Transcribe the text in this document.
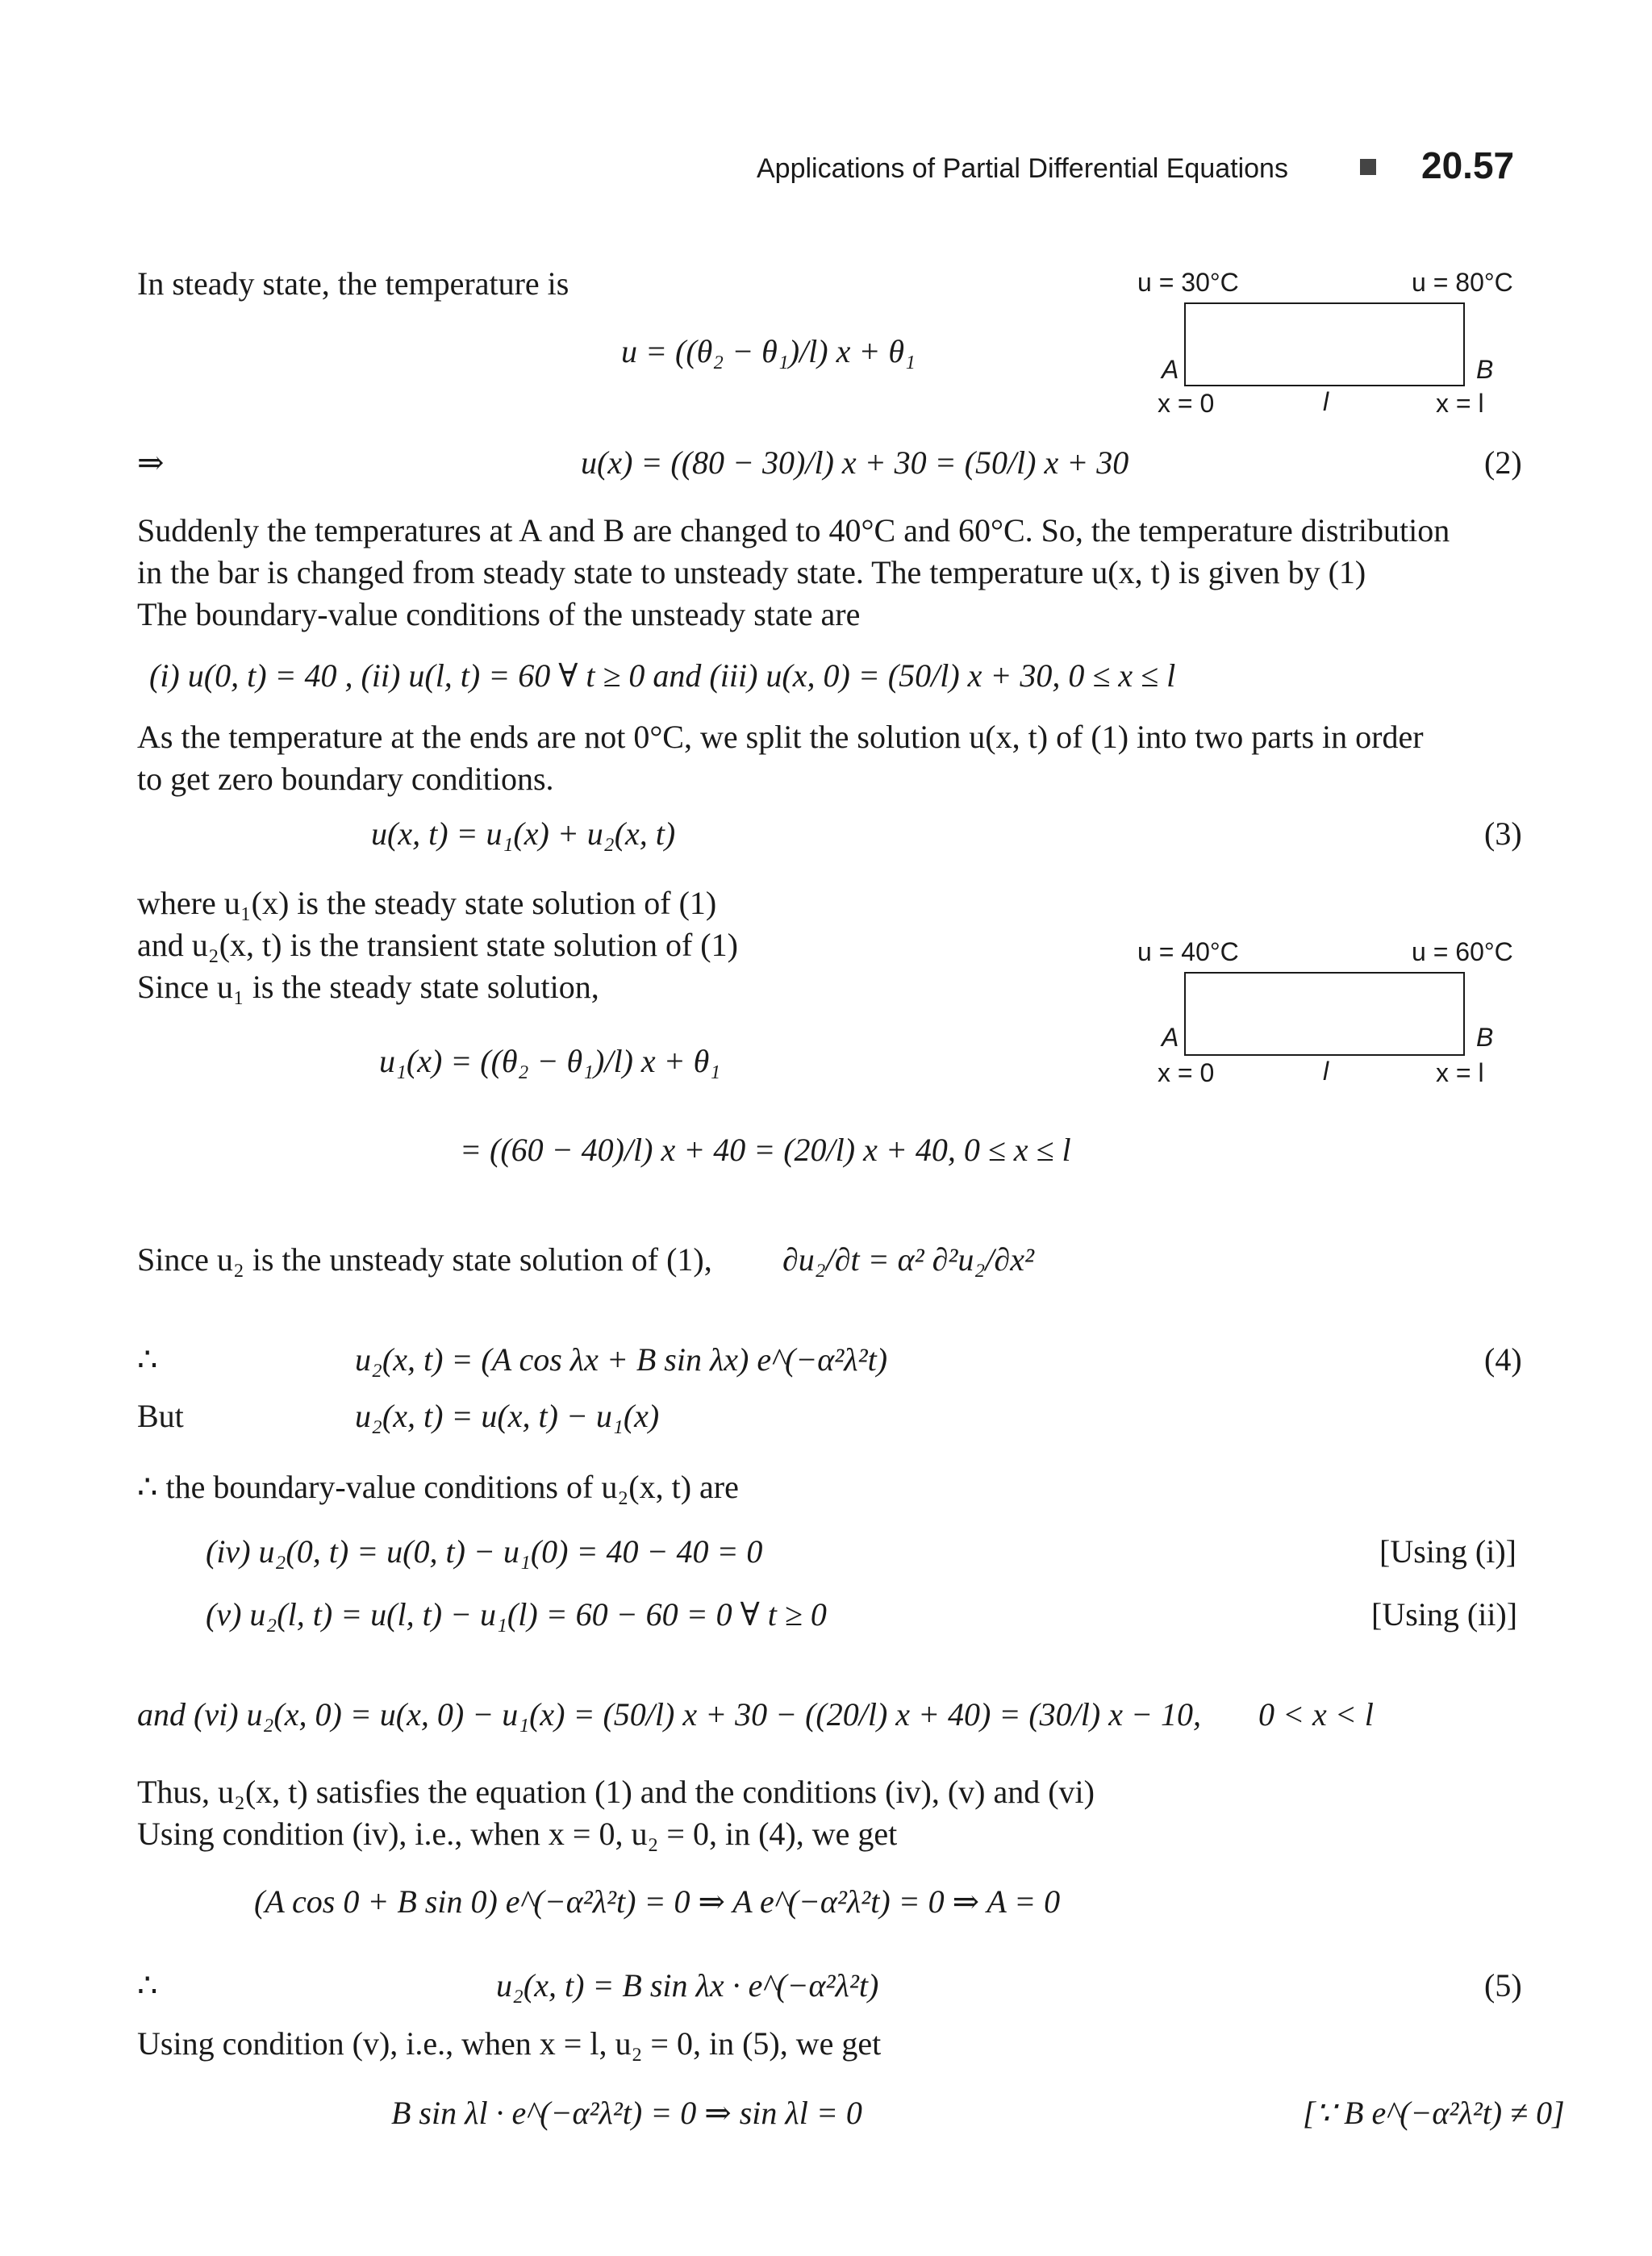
Applications of Partial Differential Equations	20.57
u = 30°C	u = 80°C
A	B
x = 0	l	x = l
u = 40°C	u = 60°C
A	B
x = 0	l	x = l
In steady state, the temperature is
u = ((θ₂ − θ₁)/l) x + θ₁
⇒	u(x) = ((80 − 30)/l) x + 30 = (50/l) x + 30	(2)
Suddenly the temperatures at A and B are changed to 40°C and 60°C. So, the temperature distribution
in the bar is changed from steady state to unsteady state. The temperature u(x, t) is given by (1)
The boundary-value conditions of the unsteady state are
(i) u(0, t) = 40 , (ii) u(l, t) = 60 ∀ t ≥ 0 and (iii) u(x, 0) = (50/l) x + 30, 0 ≤ x ≤ l
As the temperature at the ends are not 0°C, we split the solution u(x, t) of (1) into two parts in order
to get zero boundary conditions.
u(x, t) = u₁(x) + u₂(x, t)	(3)
where u₁(x) is the steady state solution of (1)
and u₂(x, t) is the transient state solution of (1)
Since u₁ is the steady state solution,
u₁(x) = ((θ₂ − θ₁)/l) x + θ₁
= ((60 − 40)/l) x + 40 = (20/l) x + 40, 0 ≤ x ≤ l
Since u₂ is the unsteady state solution of (1), ∂u₂/∂t = α² ∂²u₂/∂x²
∴	u₂(x, t) = (A cos λx + B sin λx) e^(−α²λ²t)	(4)
But	u₂(x, t) = u(x, t) − u₁(x)
∴ the boundary-value conditions of u₂(x, t) are
(iv) u₂(0, t) = u(0, t) − u₁(0) = 40 − 40 = 0	[Using (i)]
(v) u₂(l, t) = u(l, t) − u₁(l) = 60 − 60 = 0 ∀ t ≥ 0	[Using (ii)]
and (vi) u₂(x, 0) = u(x, 0) − u₁(x) = (50/l) x + 30 − ((20/l) x + 40) = (30/l) x − 10, 0 < x < l
Thus, u₂(x, t) satisfies the equation (1) and the conditions (iv), (v) and (vi)
Using condition (iv), i.e., when x = 0, u₂ = 0, in (4), we get
(A cos 0 + B sin 0) e^(−α²λ²t) = 0 ⇒ A e^(−α²λ²t) = 0 ⇒ A = 0
∴	u₂(x, t) = B sin λx · e^(−α²λ²t)	(5)
Using condition (v), i.e., when x = l, u₂ = 0, in (5), we get
B sin λl · e^(−α²λ²t) = 0 ⇒ sin λl = 0	[∵ B e^(−α²λ²t) ≠ 0]
